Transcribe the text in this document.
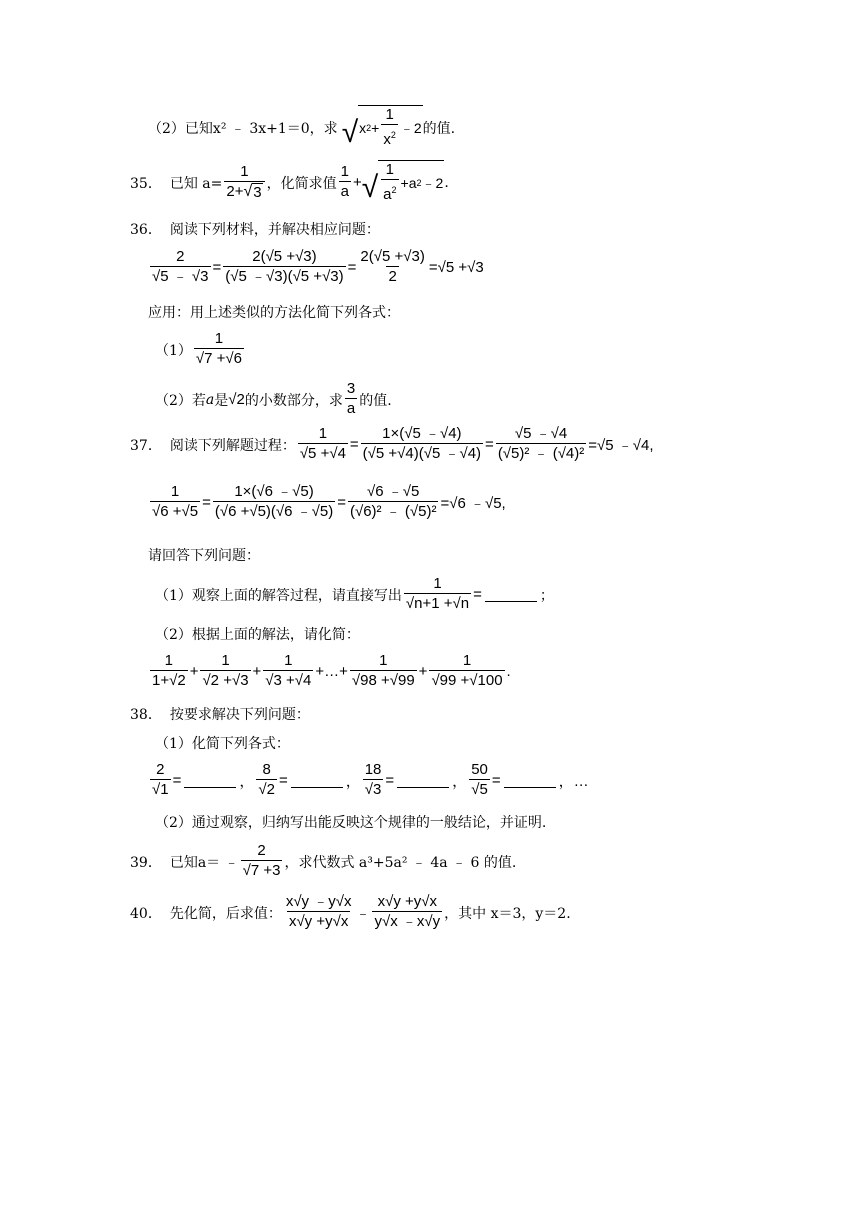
（2）已知 x² ﹣ 3x+1＝0，求 √ x $2 + \frac{1}{x^2}$ ﹣2 的值.
35． 已知 $a= \frac{1}{2+ √ 3}$ ，化简求值 $\frac{1}{a}$ + √ $\frac{1}{a^2} +a$ 2 ﹣2 .
36． 阅读下列材料，并解决相应问题：
$\frac{2}{√5 ﹣ √3} = \frac{2(√5 +√3)}{(√5 ﹣√3)(√5 +√3)} = \frac{2(√5 +√3)}{2} =√5 +√3$
应用：用上述类似的方法化简下列各式：
$(1) \frac{1}{√7 +√6}$
（2）若 a 是 √2 的小数部分，求 $\frac{3}{a}$ 的值.
37． 阅读下列解题过程： $\frac{1}{√5 +√4} = \frac{1\times(√5 ﹣√4)}{(√5 +√4)(√5 ﹣√4)} = \frac{√5 ﹣√4}{\text{(√5)² ﹣ (√4)²}} =√5$ ﹣√4,
$\frac{1}{√6 +√5} = \frac{1\times(√6 ﹣√5)}{(√6 +√5)(√6 ﹣√5)} = \frac{√6 ﹣√5}{\text{(√6)² ﹣ (√5)²}} =√6$ ﹣√5,
请回答下列问题：
（1）观察上面的解答过程，请直接写出 $\frac{1}{√n+1 +√n}$ =	；
（2）根据上面的解法，请化简：
$\frac{1}{1+√2} + \frac{1}{√2 +√3} + \frac{1}{√3 +√4}$ +…+ $\frac{1}{√98 +√99} + \frac{1}{√99 +√100}$ .
38． 按要求解决下列问题：
（1）化简下列各式：
$\frac{2}{√1}$ =	， $\frac{8}{√2}$ =	， $\frac{18}{√3}$ =	， $\frac{50}{√5}$ =	，…
（2）通过观察，归纳写出能反映这个规律的一般结论，并证明.
39． 已知 a＝ ﹣ $\frac{2}{√7 +3}$ ，求代数式 a³+5a² ﹣ 4a ﹣ 6 的值.
40． 先化简，后求值： $\frac{x√y ﹣y√x}{x√y +y√x}$ ﹣ $\frac{x√y +y√x}{y√x ﹣x√y}$ ，其中 x＝3，y＝2.
